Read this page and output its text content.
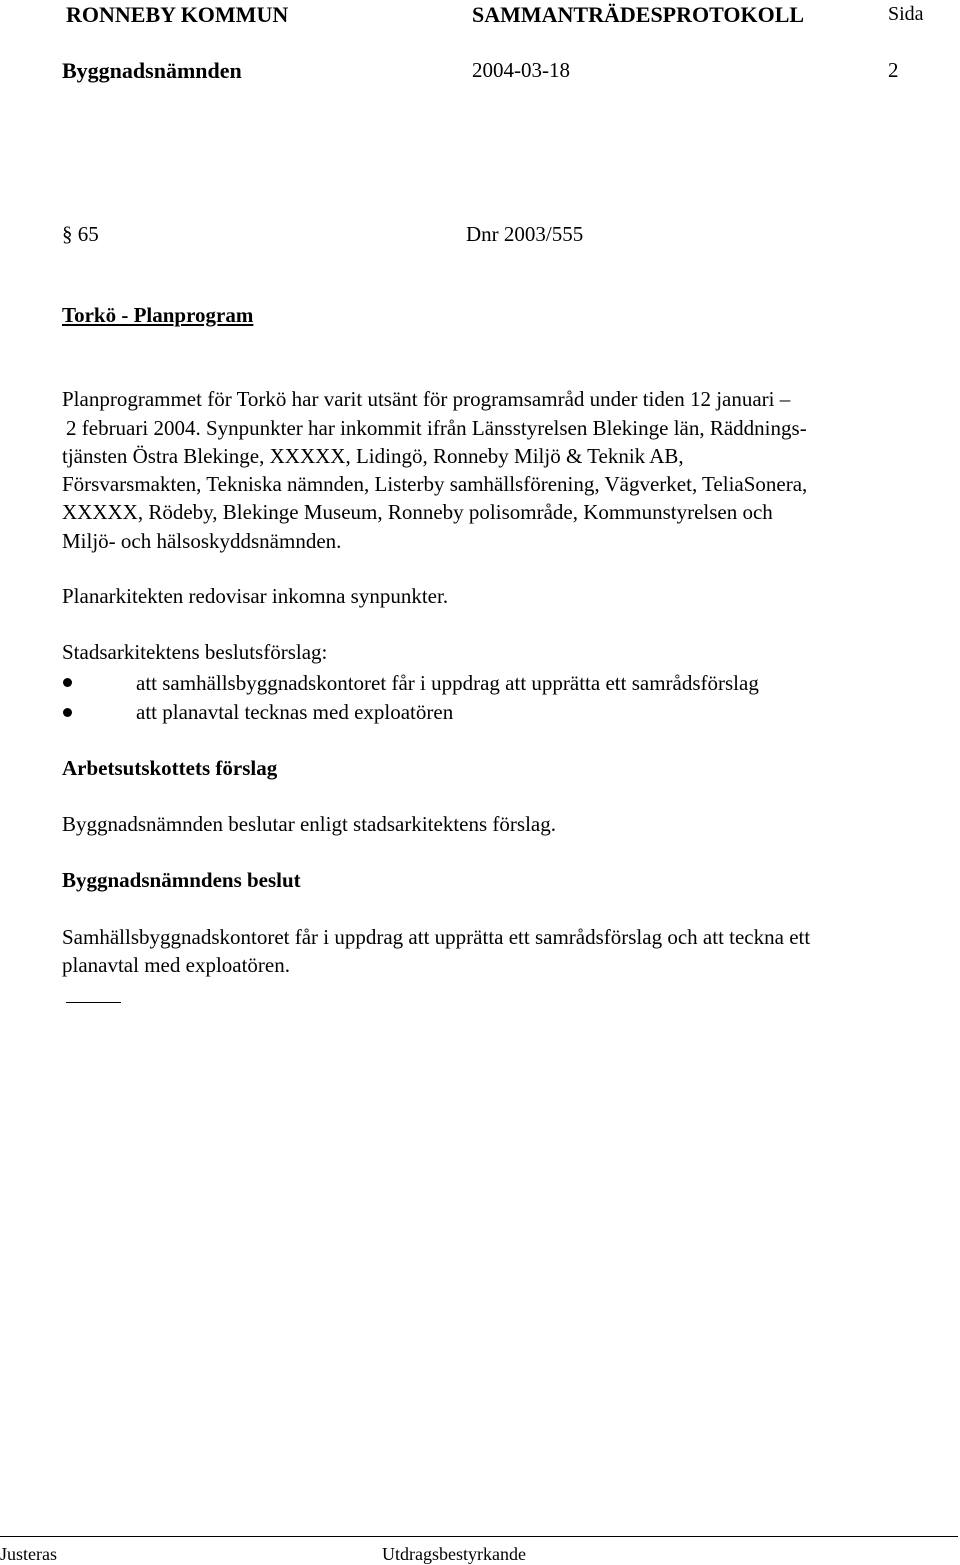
RONNEBY KOMMUN	SAMMANTRÄDESPROTOKOLL	Sida
Byggnadsnämnden	2004-03-18	2
§ 65	Dnr 2003/555
Torkö - Planprogram
Planprogrammet för Torkö har varit utsänt för programsamråd under tiden 12 januari –
2 februari 2004. Synpunkter har inkommit ifrån Länsstyrelsen Blekinge län, Räddnings-
tjänsten Östra Blekinge, XXXXX, Lidingö, Ronneby Miljö & Teknik AB,
Försvarsmakten, Tekniska nämnden, Listerby samhällsförening, Vägverket, TeliaSonera,
XXXXX, Rödeby, Blekinge Museum, Ronneby polisområde, Kommunstyrelsen och
Miljö- och hälsoskyddsnämnden.
Planarkitekten redovisar inkomna synpunkter.
Stadsarkitektens beslutsförslag:
att samhällsbyggnadskontoret får i uppdrag att upprätta ett samrådsförslag
att planavtal tecknas med exploatören
Arbetsutskottets förslag
Byggnadsnämnden beslutar enligt stadsarkitektens förslag.
Byggnadsnämndens beslut
Samhällsbyggnadskontoret får i uppdrag att upprätta ett samrådsförslag och att teckna ett
planavtal med exploatören.
Justeras	Utdragsbestyrkande
